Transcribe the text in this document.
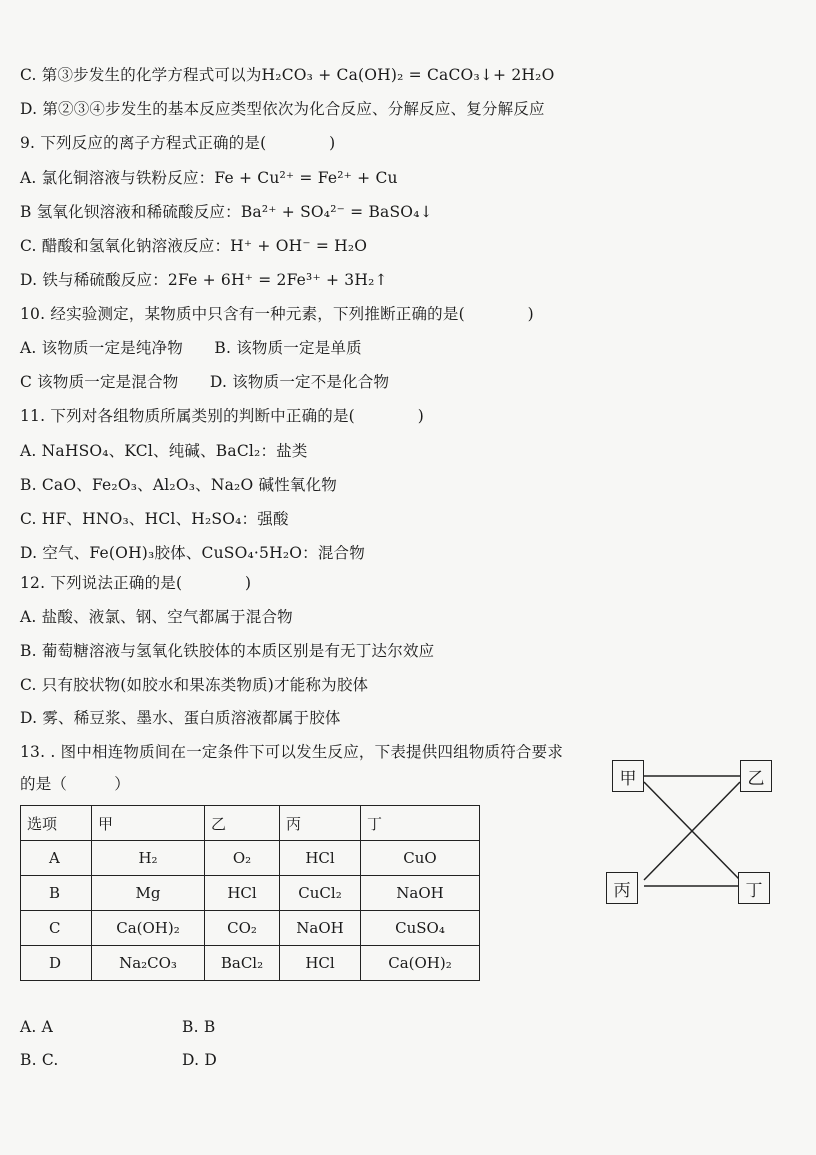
C. 第③步发生的化学方程式可以为H₂CO₃ + Ca(OH)₂ = CaCO₃↓+ 2H₂O
D. 第②③④步发生的基本反应类型依次为化合反应、分解反应、复分解反应
9. 下列反应的离子方程式正确的是(　　　　)
A. 氯化铜溶液与铁粉反应：Fe + Cu²⁺ = Fe²⁺ + Cu
B 氢氧化钡溶液和稀硫酸反应：Ba²⁺ + SO₄²⁻ = BaSO₄↓
C. 醋酸和氢氧化钠溶液反应：H⁺ + OH⁻ = H₂O
D. 铁与稀硫酸反应：2Fe + 6H⁺ = 2Fe³⁺ + 3H₂↑
10. 经实验测定，某物质中只含有一种元素，下列推断正确的是(　　　　)
A. 该物质一定是纯净物　　B. 该物质一定是单质
C 该物质一定是混合物　　D. 该物质一定不是化合物
11. 下列对各组物质所属类别的判断中正确的是(　　　　)
A. NaHSO₄、KCl、纯碱、BaCl₂：盐类
B. CaO、Fe₂O₃、Al₂O₃、Na₂O 碱性氧化物
C. HF、HNO₃、HCl、H₂SO₄：强酸
D. 空气、Fe(OH)₃胶体、CuSO₄·5H₂O：混合物
12. 下列说法正确的是(　　　　)
A. 盐酸、液氯、钢、空气都属于混合物
B. 葡萄糖溶液与氢氧化铁胶体的本质区别是有无丁达尔效应
C. 只有胶状物(如胶水和果冻类物质)才能称为胶体
D. 雾、稀豆浆、墨水、蛋白质溶液都属于胶体
13. . 图中相连物质间在一定条件下可以发生反应，下表提供四组物质符合要求
的是（　　　）
选项	甲	乙	丙	丁
A	H₂	O₂	HCl	CuO
B	Mg	HCl	CuCl₂	NaOH
C	Ca(OH)₂	CO₂	NaOH	CuSO₄
D	Na₂CO₃	BaCl₂	HCl	Ca(OH)₂
甲	乙
丙	丁
A. A	B. B
B. C.	D. D
